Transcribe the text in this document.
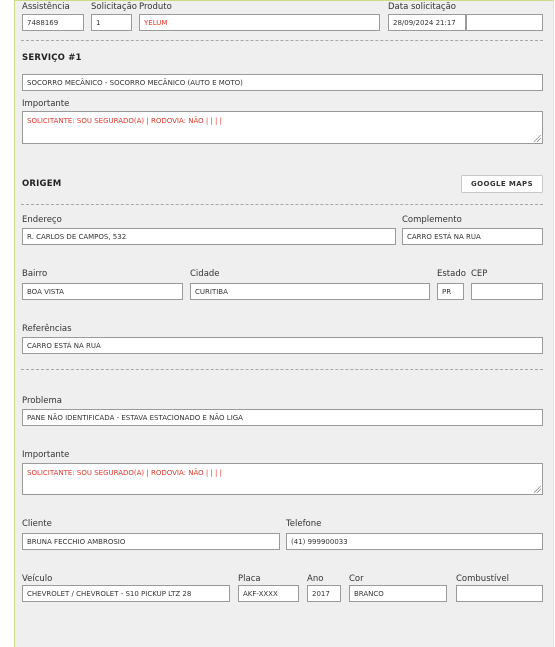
Assistência
7488169
Solicitação
1
Produto
YELUM
Data solicitação
28/09/2024 21:17
SERVIÇO #1
SOCORRO MECÂNICO - SOCORRO MECÂNICO (AUTO E MOTO)
Importante
SOLICITANTE: SOU SEGURADO(A) | RODOVIA: NÃO | | | |
ORIGEM	GOOGLE MAPS
Endereço
R. CARLOS DE CAMPOS, 532
Complemento
CARRO ESTÁ NA RUA
Bairro
BOA VISTA
Cidade
CURITIBA
Estado
PR
CEP
Referências
CARRO ESTÁ NA RUA
Problema
PANE NÃO IDENTIFICADA - ESTAVA ESTACIONADO E NÃO LIGA
Importante
SOLICITANTE: SOU SEGURADO(A) | RODOVIA: NÃO | | | |
Cliente
BRUNA FECCHIO AMBROSIO
Telefone
(41) 999900033
Veículo
CHEVROLET / CHEVROLET - S10 PICKUP LTZ 28
Placa
AKF-XXXX
Ano
2017
Cor
BRANCO
Combustível
